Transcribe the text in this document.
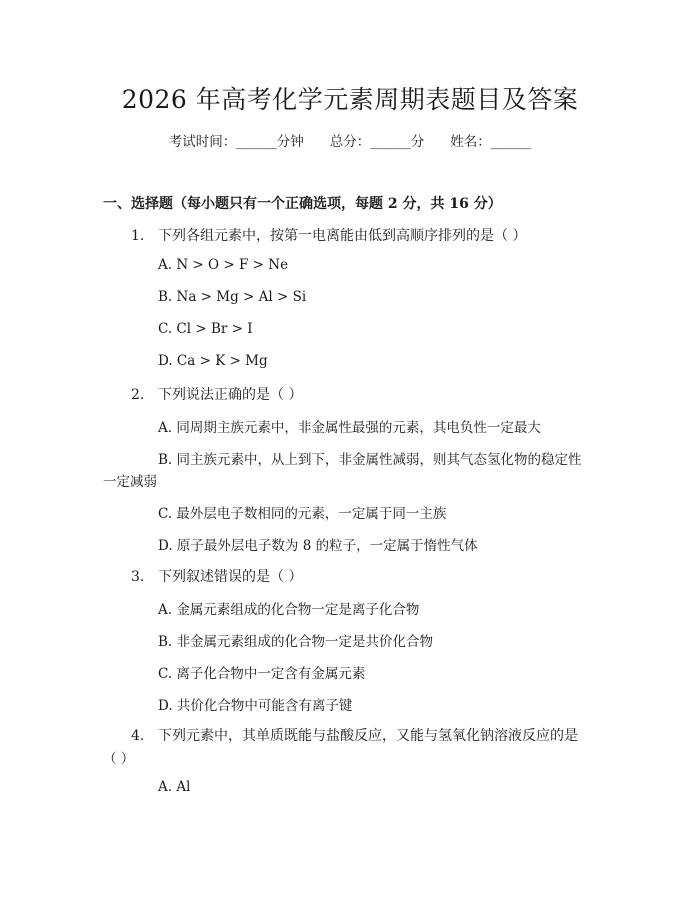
2026 年高考化学元素周期表题目及答案
考试时间：______分钟 总分：______分 姓名：______
一、选择题（每小题只有一个正确选项，每题 2 分，共 16 分）
1. 下列各组元素中，按第一电离能由低到高顺序排列的是（ ）
A. N > O > F > Ne
B. Na > Mg > Al > Si
C. Cl > Br > I
D. Ca > K > Mg
2. 下列说法正确的是（ ）
A. 同周期主族元素中，非金属性最强的元素，其电负性一定最大
B. 同主族元素中，从上到下，非金属性减弱，则其气态氢化物的稳定性
一定减弱
C. 最外层电子数相同的元素，一定属于同一主族
D. 原子最外层电子数为 8 的粒子，一定属于惰性气体
3. 下列叙述错误的是（ ）
A. 金属元素组成的化合物一定是离子化合物
B. 非金属元素组成的化合物一定是共价化合物
C. 离子化合物中一定含有金属元素
D. 共价化合物中可能含有离子键
4. 下列元素中，其单质既能与盐酸反应，又能与氢氧化钠溶液反应的是
（ ）
A. Al
